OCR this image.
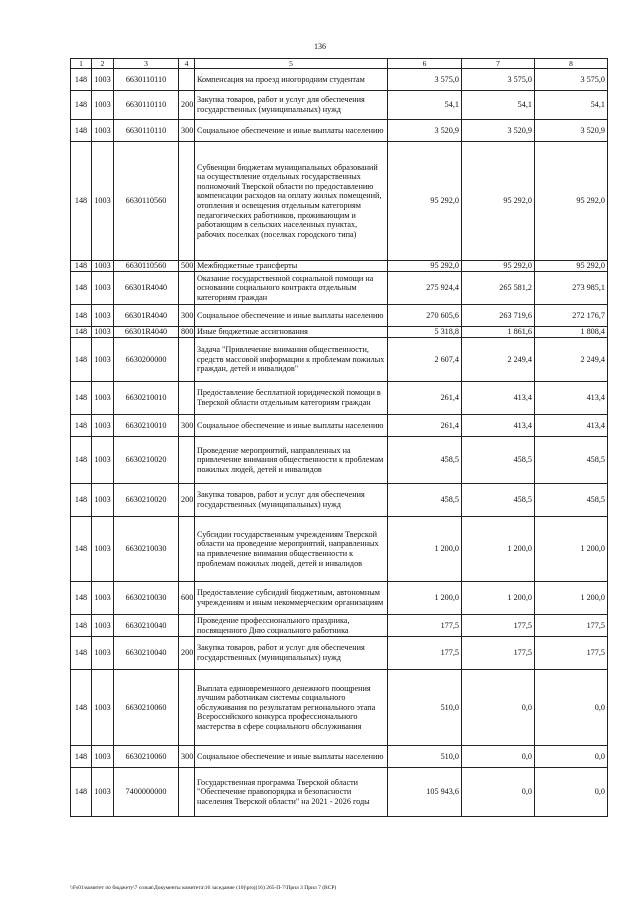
136
1	2	3	4	5	6	7	8
148	1003	6630110110		Компенсация на проезд иногородним студентам	3 575,0	3 575,0	3 575,0
148	1003	6630110110	200	Закупка товаров, работ и услуг для обеспечения государственных (муниципальных) нужд	54,1	54,1	54,1
148	1003	6630110110	300	Социальное обеспечение и иные выплаты населению	3 520,9	3 520,9	3 520,9
148	1003	6630110560		Субвенции бюджетам муниципальных образований на осуществление отдельных государственных полномочий Тверской области по предоставлению компенсации расходов на оплату жилых помещений, отопления и освещения отдельным категориям педагогических работников, проживающим и работающим в сельских населенных пунктах, рабочих поселках (поселках городского типа)	95 292,0	95 292,0	95 292,0
148	1003	6630110560	500	Межбюджетные трансферты	95 292,0	95 292,0	95 292,0
148	1003	66301R4040		Оказание государственной социальной помощи на основании социального контракта отдельным категориям граждан	275 924,4	265 581,2	273 985,1
148	1003	66301R4040	300	Социальное обеспечение и иные выплаты населению	270 605,6	263 719,6	272 176,7
148	1003	66301R4040	800	Иные бюджетные ассигнования	5 318,8	1 861,6	1 808,4
148	1003	6630200000		Задача "Привлечение внимания общественности, средств массовой информации к проблемам пожилых граждан, детей и инвалидов"	2 607,4	2 249,4	2 249,4
148	1003	6630210010		Предоставление бесплатной юридической помощи в Тверской области отдельным категориям граждан	261,4	413,4	413,4
148	1003	6630210010	300	Социальное обеспечение и иные выплаты населению	261,4	413,4	413,4
148	1003	6630210020		Проведение мероприятий, направленных на привлечение внимания общественности к проблемам пожилых людей, детей и инвалидов	458,5	458,5	458,5
148	1003	6630210020	200	Закупка товаров, работ и услуг для обеспечения государственных (муниципальных) нужд	458,5	458,5	458,5
148	1003	6630210030		Субсидии государственным учреждениям Тверской области на проведение мероприятий, направленных на привлечение внимания общественности к проблемам пожилых людей, детей и инвалидов	1 200,0	1 200,0	1 200,0
148	1003	6630210030	600	Предоставление субсидий бюджетным, автономным учреждениям и иным некоммерческим организациям	1 200,0	1 200,0	1 200,0
148	1003	6630210040		Проведение профессионального праздника, посвященного Дню социального работника	177,5	177,5	177,5
148	1003	6630210040	200	Закупка товаров, работ и услуг для обеспечения государственных (муниципальных) нужд	177,5	177,5	177,5
148	1003	6630210060		Выплата единовременного денежного поощрения лучшим работникам системы социального обслуживания по результатам регионального этапа Всероссийского конкурса профессионального мастерства в сфере социального обслуживания	510,0	0,0	0,0
148	1003	6630210060	300	Социальное обеспечение и иные выплаты населению	510,0	0,0	0,0
148	1003	7400000000		Государственная программа Тверской области "Обеспечение правопорядка и безопасности населения Тверской области" на 2021 - 2026 годы	105 943,6	0,0	0,0
\\Fs01\комитет по бюджету\7 созыв\Документы комитета\16 заседание (10)\proj(16) 265-П-7\Прил 3 Прил 7 (ВСР)
